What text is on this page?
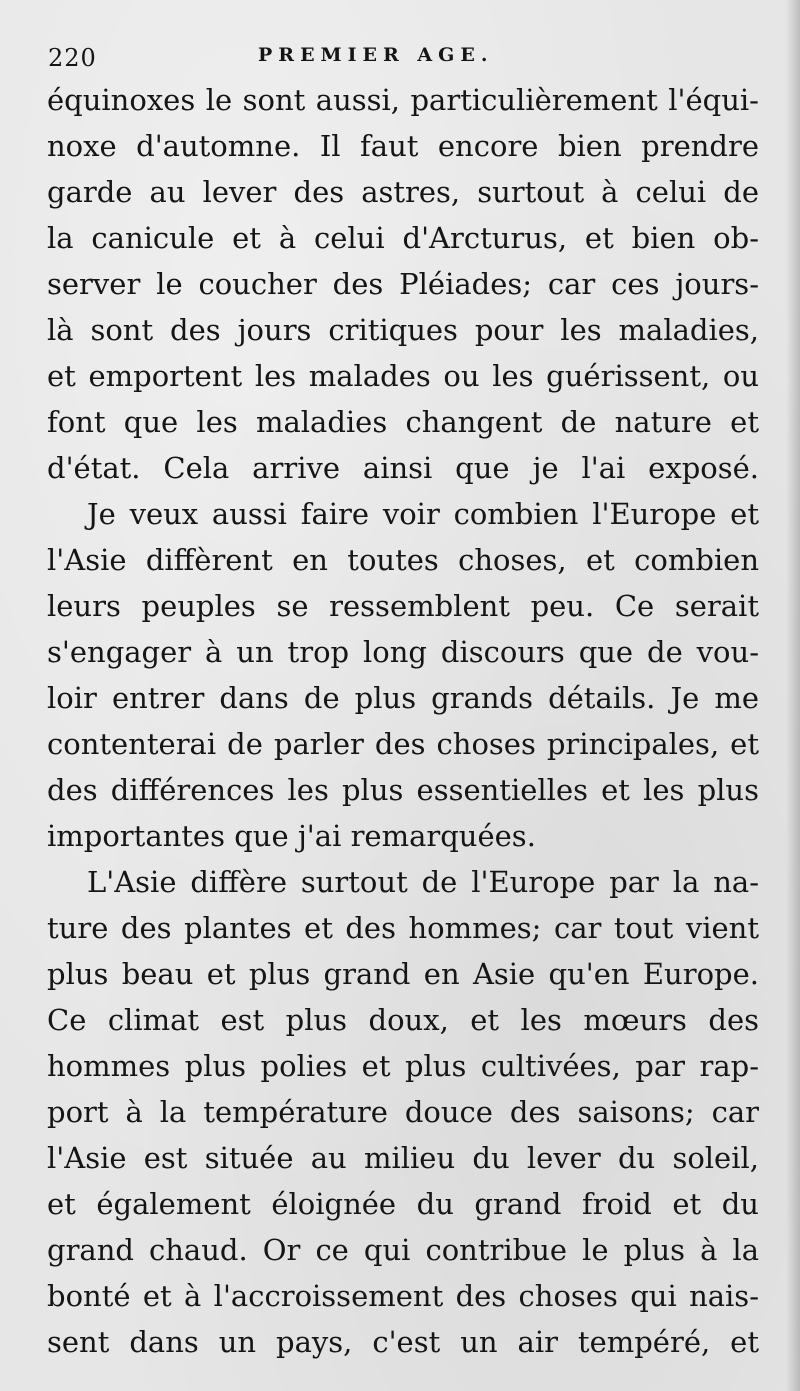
220	PREMIER AGE.
équinoxes le sont aussi, particulièrement l'équi-
noxe d'automne. Il faut encore bien prendre
garde au lever des astres, surtout à celui de
la canicule et à celui d'Arcturus, et bien ob-
server le coucher des Pléiades; car ces jours-
là sont des jours critiques pour les maladies,
et emportent les malades ou les guérissent, ou
font que les maladies changent de nature et
d'état. Cela arrive ainsi que je l'ai exposé.
Je veux aussi faire voir combien l'Europe et
l'Asie diffèrent en toutes choses, et combien
leurs peuples se ressemblent peu. Ce serait
s'engager à un trop long discours que de vou-
loir entrer dans de plus grands détails. Je me
contenterai de parler des choses principales, et
des différences les plus essentielles et les plus
importantes que j'ai remarquées.
L'Asie diffère surtout de l'Europe par la na-
ture des plantes et des hommes; car tout vient
plus beau et plus grand en Asie qu'en Europe.
Ce climat est plus doux, et les mœurs des
hommes plus polies et plus cultivées, par rap-
port à la température douce des saisons; car
l'Asie est située au milieu du lever du soleil,
et également éloignée du grand froid et du
grand chaud. Or ce qui contribue le plus à la
bonté et à l'accroissement des choses qui nais-
sent dans un pays, c'est un air tempéré, et
